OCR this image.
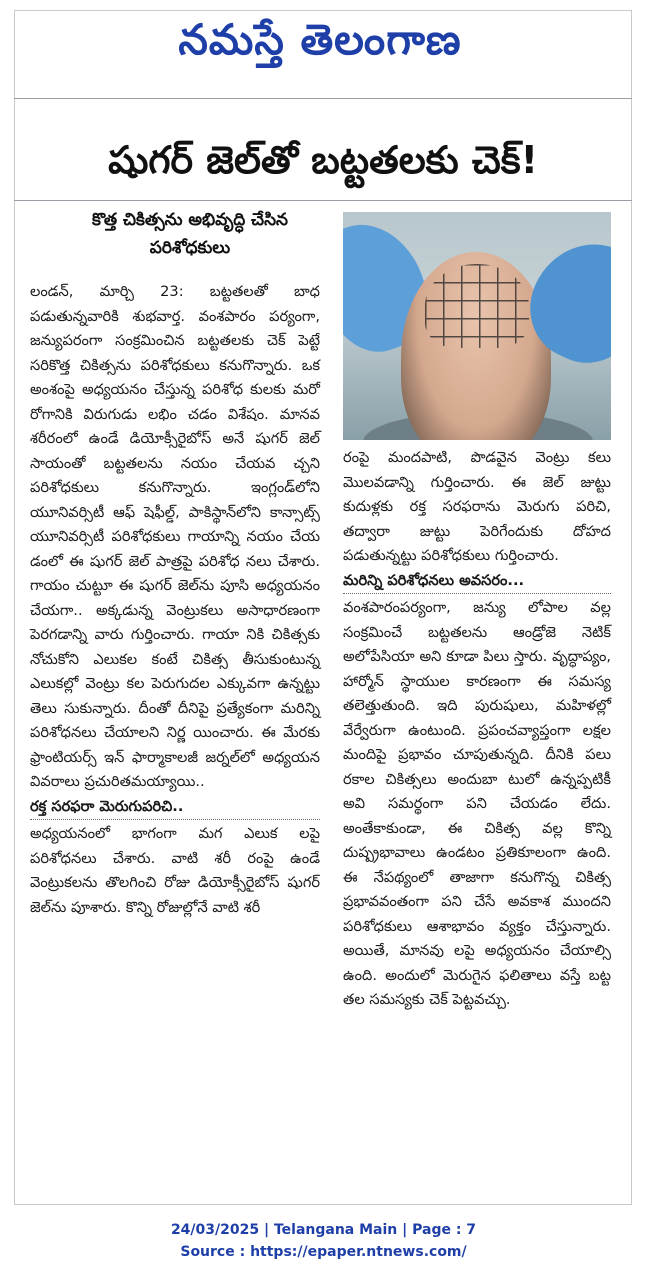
నమస్తే తెలంగాణ
షుగర్ జెల్‌తో బట్టతలకు చెక్!
కొత్త చికిత్సను అభివృద్ధి చేసిన పరిశోధకులు

లండన్, మార్చి 23: బట్టతలతో బాధ పడుతున్నవారికి శుభవార్త. వంశపారం పర్యంగా, జన్యుపరంగా సంక్రమించిన బట్టతలకు చెక్ పెట్టే సరికొత్త చికిత్సను పరిశోధకులు కనుగొన్నారు. ఒక అంశంపై అధ్యయనం చేస్తున్న పరిశోధ కులకు మరో రోగానికి విరుగుడు లభిం చడం విశేషం. మానవ శరీరంలో ఉండే డియోక్సీరైబోస్ అనే షుగర్ జెల్ సాయంతో బట్టతలను నయం చేయవ చ్చని పరిశోధకులు కనుగొన్నారు. ఇంగ్లండ్‌లోని యూనివర్సిటీ ఆఫ్ షెఫీల్డ్, పాకిస్థాన్‌లోని కాన్సాట్స్ యూనివర్సిటీ పరిశోధకులు గాయాన్ని నయం చేయ డంలో ఈ షుగర్ జెల్ పాత్రపై పరిశోధ నలు చేశారు. గాయం చుట్టూ ఈ షుగర్ జెల్‌ను పూసి అధ్యయనం చేయగా.. అక్కడున్న వెంట్రుకలు అసాధారణంగా పెరగడాన్ని వారు గుర్తించారు. గాయా నికి చికిత్సకు నోచుకోని ఎలుకల కంటే చికిత్స తీసుకుంటున్న ఎలుకల్లో వెంట్రు కల పెరుగుదల ఎక్కువగా ఉన్నట్టు తెలు సుకున్నారు. దీంతో దీనిపై ప్రత్యేకంగా మరిన్ని పరిశోధనలు చేయాలని నిర్ణ యించారు. ఈ మేరకు ఫ్రాంటియర్స్ ఇన్ ఫార్మాకాలజీ జర్నల్‌లో అధ్యయన వివరాలు ప్రచురితమయ్యాయి..

రక్త సరఫరా మెరుగుపరిచి..

అధ్యయనంలో భాగంగా మగ ఎలుక లపై పరిశోధనలు చేశారు. వాటి శరీ రంపై ఉండే వెంట్రుకలను తొలగించి రోజు డియోక్సీరైబోస్ షుగర్ జెల్‌ను పూశారు. కొన్ని రోజుల్లోనే వాటి శరీ

రంపై మందపాటి, పొడవైన వెంట్రు కలు మొలవడాన్ని గుర్తించారు. ఈ జెల్ జుట్టు కుదుళ్లకు రక్త సరఫరాను మెరుగు పరిచి, తద్వారా జుట్టు పెరిగేందుకు దోహద పడుతున్నట్టు పరిశోధకులు గుర్తించారు.

మరిన్ని పరిశోధనలు అవసరం...

వంశపారంపర్యంగా, జన్యు లోపాల వల్ల సంక్రమించే బట్టతలను ఆండ్రోజె నెటిక్ అలోపేసియా అని కూడా పిలు స్తారు. వృద్ధాప్యం, హార్మోన్ స్థాయుల కారణంగా ఈ సమస్య తలెత్తుతుంది. ఇది పురుషులు, మహిళల్లో వేర్వేరుగా ఉంటుంది. ప్రపంచవ్యాప్తంగా లక్షల మందిపై ప్రభావం చూపుతున్నది. దీనికి పలు రకాల చికిత్సలు అందుబా టులో ఉన్నప్పటికీ అవి సమర్థంగా పని చేయడం లేదు. అంతేకాకుండా, ఈ చికిత్స వల్ల కొన్ని దుష్ప్రభావాలు ఉండటం ప్రతికూలంగా ఉంది. ఈ నేపథ్యంలో తాజాగా కనుగొన్న చికిత్స ప్రభావవంతంగా పని చేసే అవకాశ ముందని పరిశోధకులు ఆశాభావం వ్యక్తం చేస్తున్నారు. అయితే, మానవు లపై అధ్యయనం చేయాల్సి ఉంది. అందులో మెరుగైన ఫలితాలు వస్తే బట్ట తల సమస్యకు చెక్ పెట్టవచ్చు.

24/03/2025 | Telangana Main | Page : 7
Source : https://epaper.ntnews.com/
